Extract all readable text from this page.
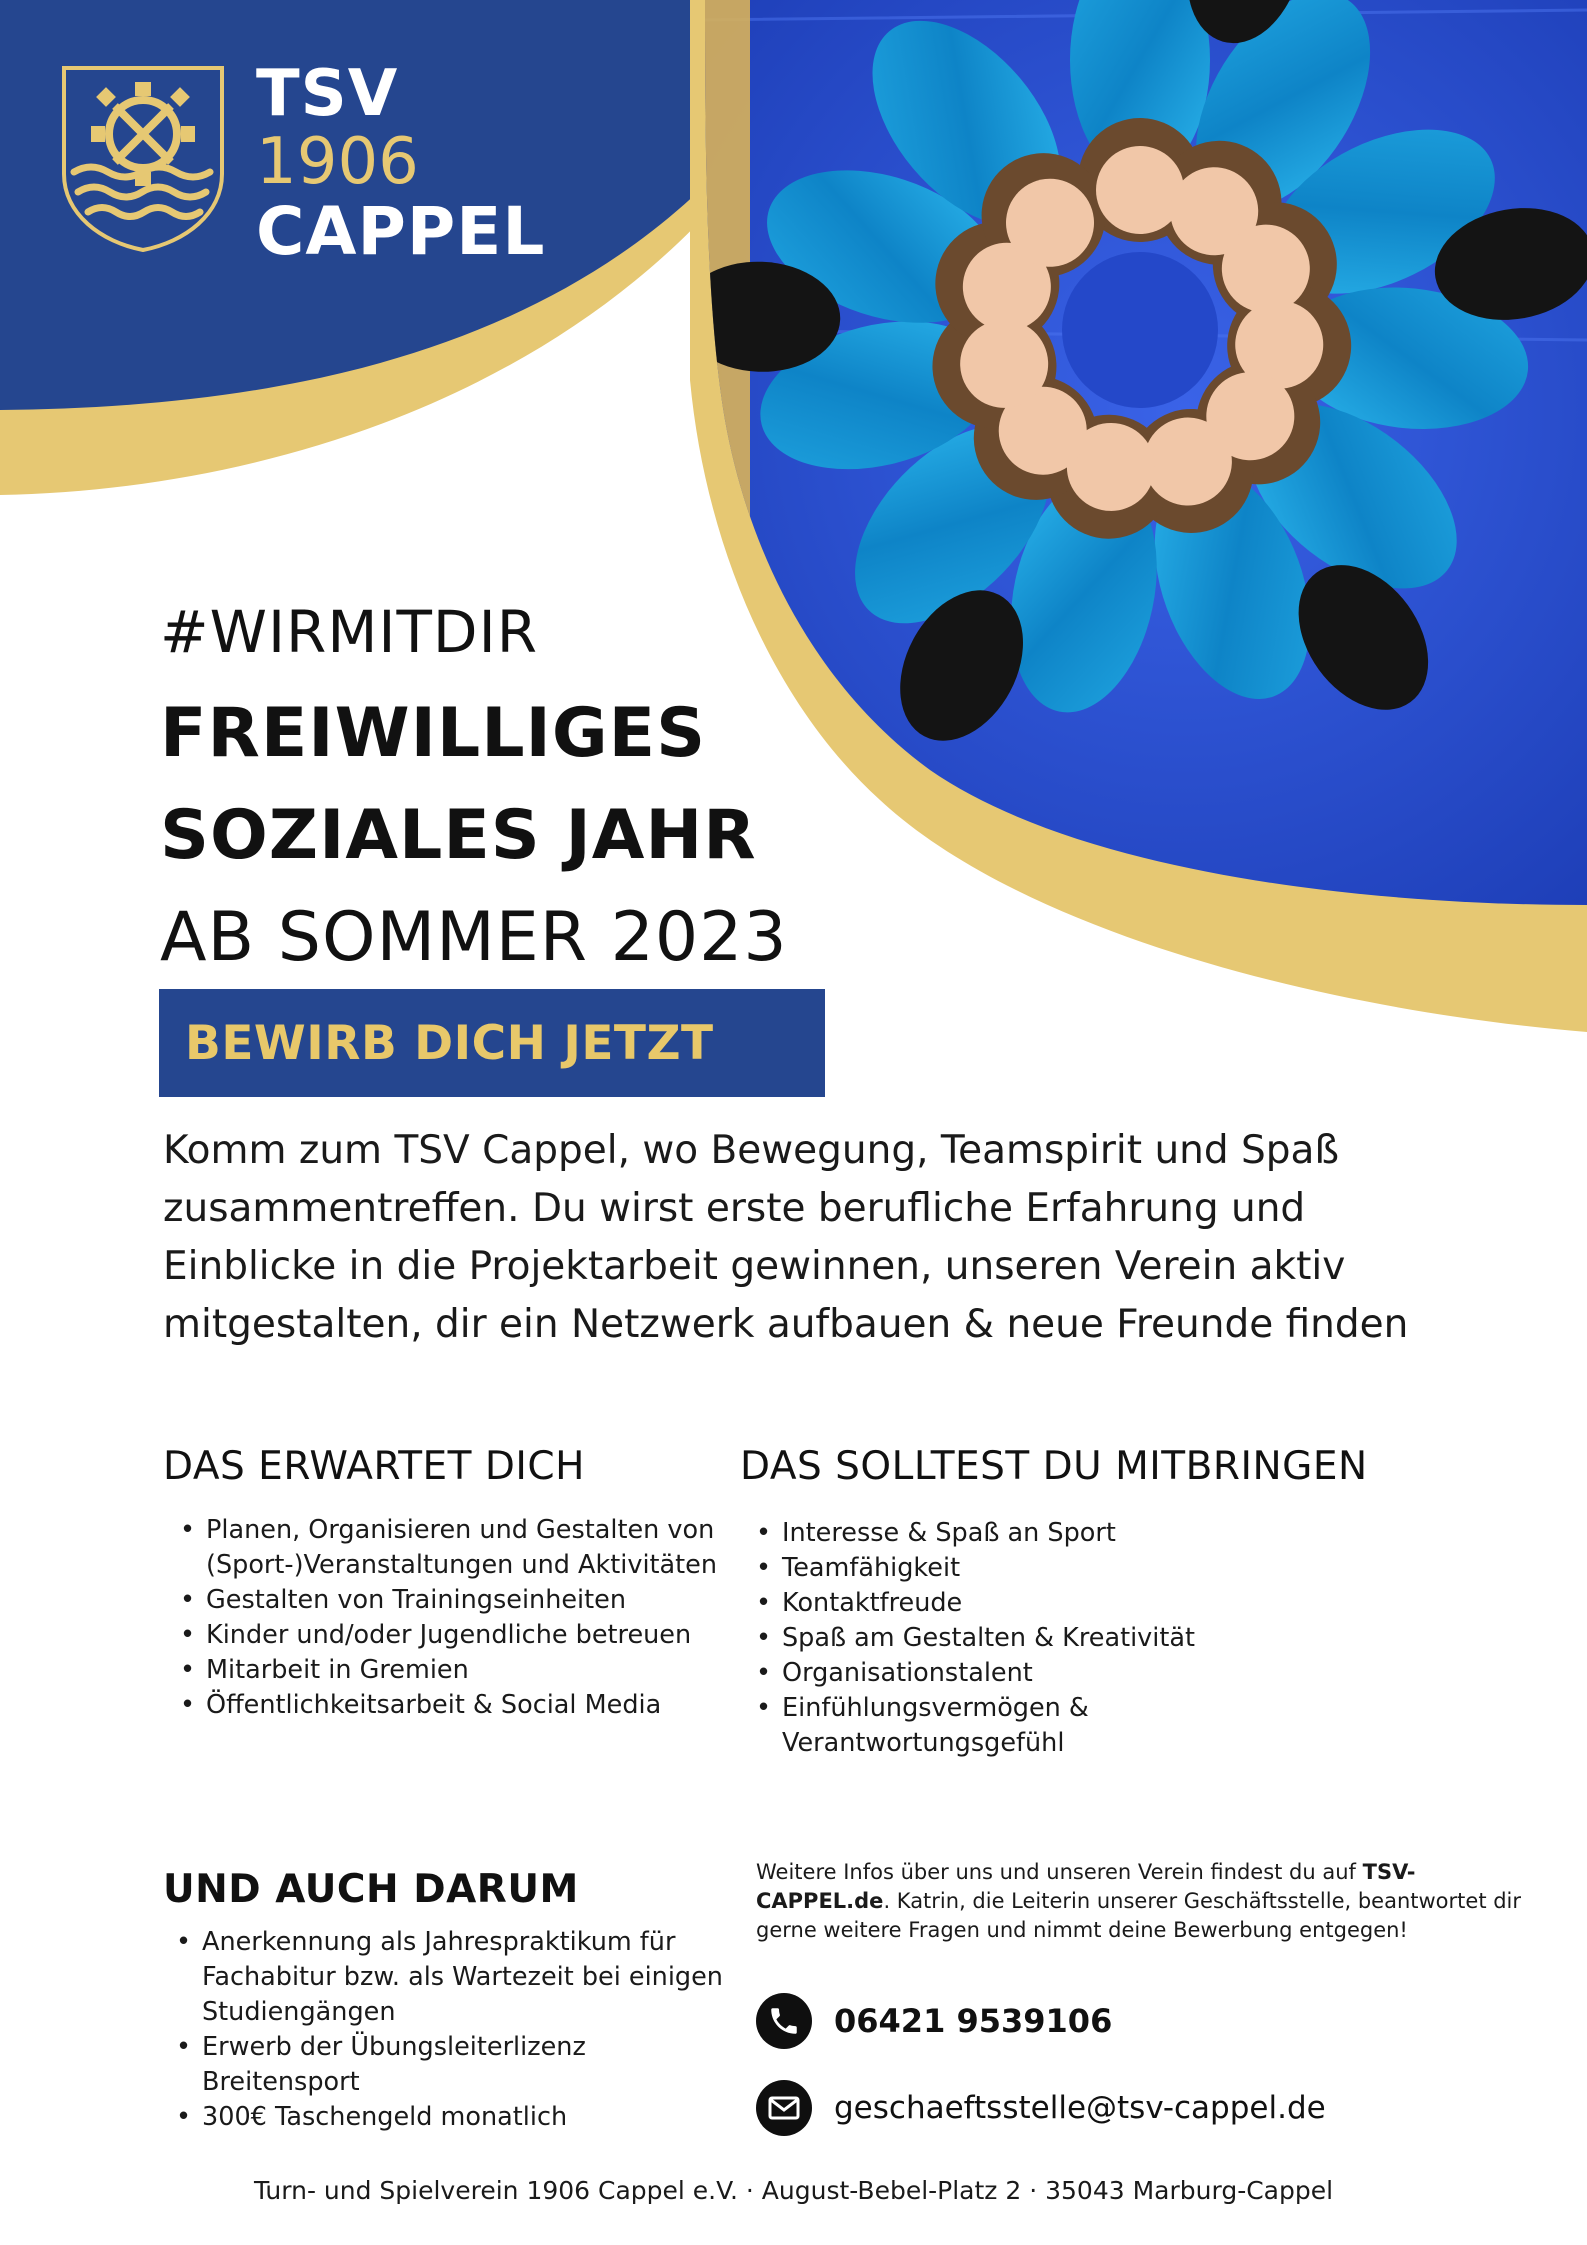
TSV
1906
CAPPEL
#WIRMITDIR
FREIWILLIGES
SOZIALES JAHR
AB SOMMER 2023
BEWIRB DICH JETZT
Komm zum TSV Cappel, wo Bewegung, Teamspirit und Spaß zusammentreffen. Du wirst erste berufliche Erfahrung und Einblicke in die Projektarbeit gewinnen, unseren Verein aktiv mitgestalten, dir ein Netzwerk aufbauen & neue Freunde finden
DAS ERWARTET DICH
• Planen, Organisieren und Gestalten von (Sport-)Veranstaltungen und Aktivitäten
• Gestalten von Trainingseinheiten
• Kinder und/oder Jugendliche betreuen
• Mitarbeit in Gremien
• Öffentlichkeitsarbeit & Social Media
DAS SOLLTEST DU MITBRINGEN
• Interesse & Spaß an Sport
• Teamfähigkeit
• Kontaktfreude
• Spaß am Gestalten & Kreativität
• Organisationstalent
• Einfühlungsvermögen & Verantwortungsgefühl
UND AUCH DARUM
• Anerkennung als Jahrespraktikum für Fachabitur bzw. als Wartezeit bei einigen Studiengängen
• Erwerb der Übungsleiterlizenz Breitensport
• 300€ Taschengeld monatlich
Weitere Infos über uns und unseren Verein findest du auf TSV-CAPPEL.de. Katrin, die Leiterin unserer Geschäftsstelle, beantwortet dir gerne weitere Fragen und nimmt deine Bewerbung entgegen!
06421 9539106
geschaeftsstelle@tsv-cappel.de
Turn- und Spielverein 1906 Cappel e.V. · August-Bebel-Platz 2 · 35043 Marburg-Cappel
